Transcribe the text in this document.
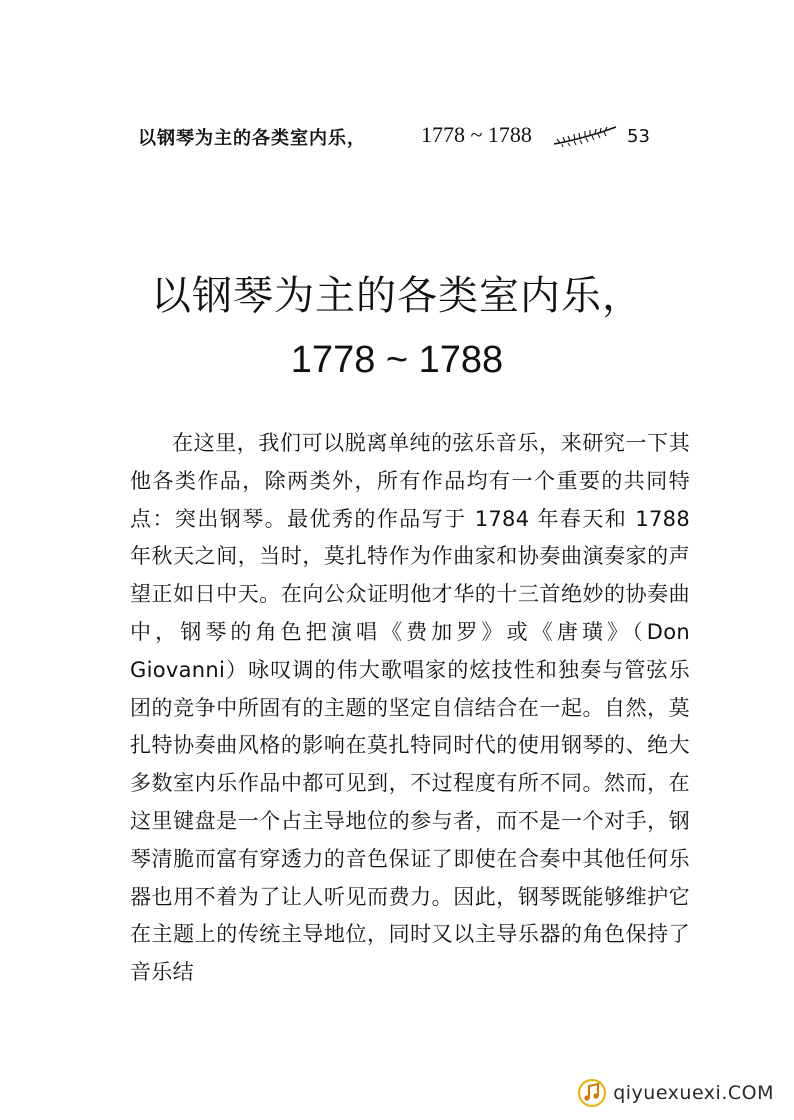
以钢琴为主的各类室内乐，	1778 ~ 1788	53
以钢琴为主的各类室内乐，
1778 ~ 1788

在这里，我们可以脱离单纯的弦乐音乐，来研究一下其他各类作品，除两类外，所有作品均有一个重要的共同特点：突出钢琴。最优秀的作品写于 1784 年春天和 1788 年秋天之间，当时，莫扎特作为作曲家和协奏曲演奏家的声望正如日中天。在向公众证明他才华的十三首绝妙的协奏曲中，钢琴的角色把演唱《费加罗》或《唐璜》（Don Giovanni）咏叹调的伟大歌唱家的炫技性和独奏与管弦乐团的竞争中所固有的主题的坚定自信结合在一起。自然，莫扎特协奏曲风格的影响在莫扎特同时代的使用钢琴的、绝大多数室内乐作品中都可见到，不过程度有所不同。然而，在这里键盘是一个占主导地位的参与者，而不是一个对手，钢琴清脆而富有穿透力的音色保证了即使在合奏中其他任何乐器也用不着为了让人听见而费力。因此，钢琴既能够维护它在主题上的传统主导地位，同时又以主导乐器的角色保持了音乐结

qiyuexuexi.COM
